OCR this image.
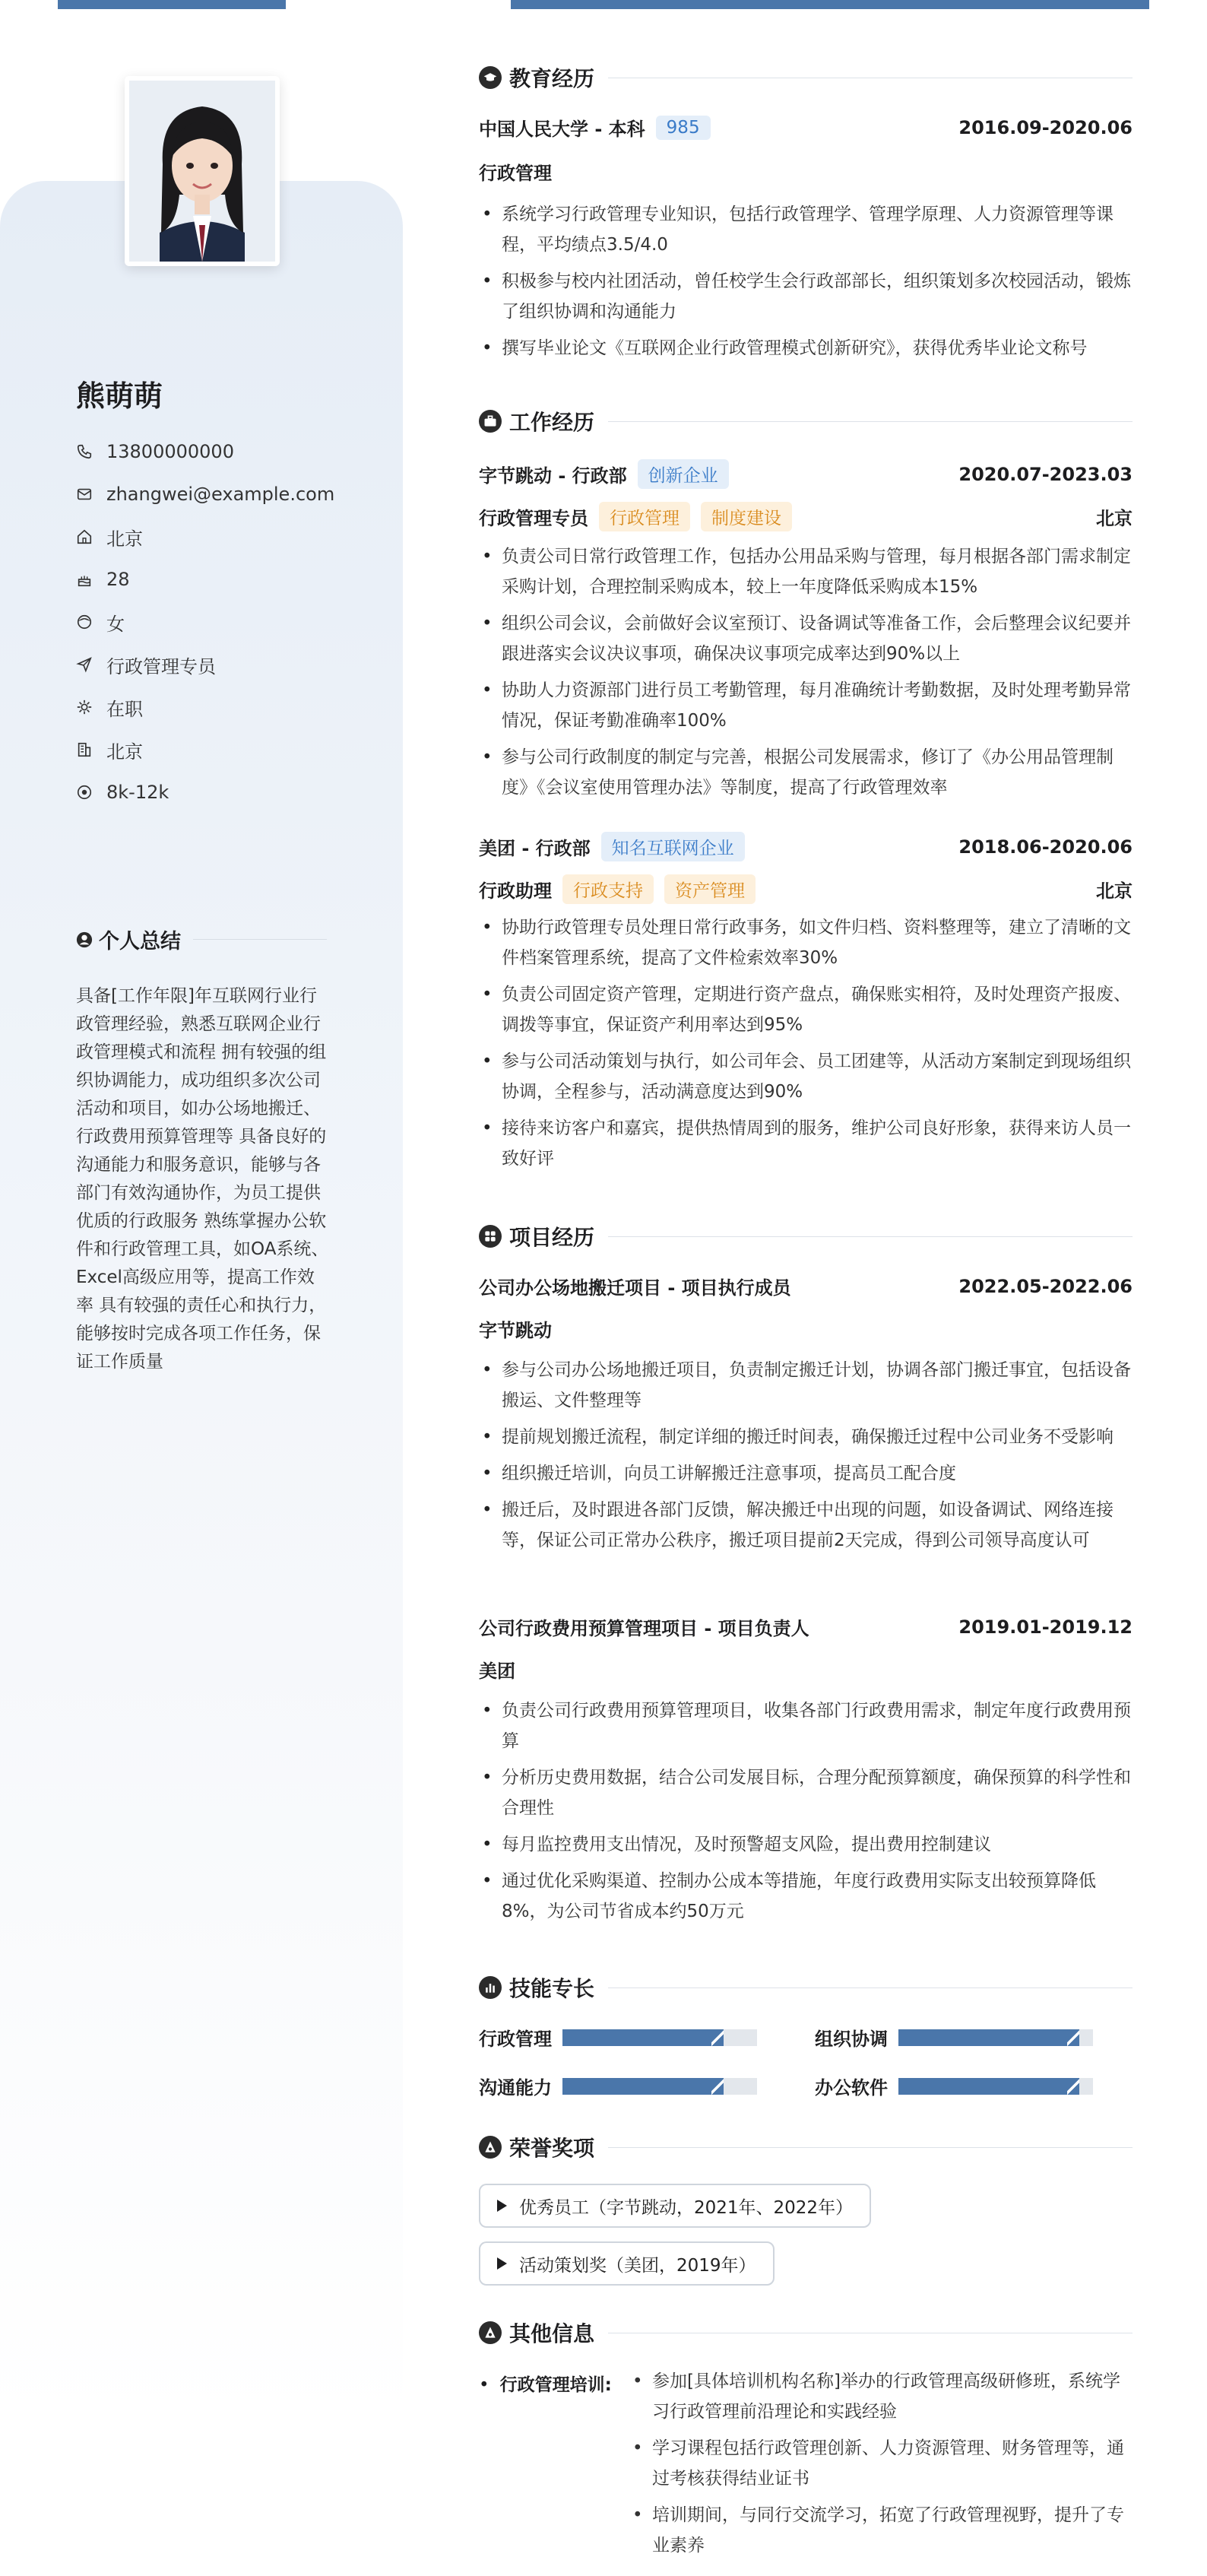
熊萌萌
13800000000
zhangwei@example.com
北京
28
女
行政管理专员
在职
北京
8k-12k
个人总结
具备[工作年限]年互联网行业行政管理经验，熟悉互联网企业行政管理模式和流程 拥有较强的组织协调能力，成功组织多次公司活动和项目，如办公场地搬迁、行政费用预算管理等 具备良好的沟通能力和服务意识，能够与各部门有效沟通协作，为员工提供优质的行政服务 熟练掌握办公软件和行政管理工具，如OA系统、Excel高级应用等，提高工作效率 具有较强的责任心和执行力，能够按时完成各项工作任务，保证工作质量
教育经历
中国人民大学 - 本科	985	2016.09-2020.06
行政管理
• 系统学习行政管理专业知识，包括行政管理学、管理学原理、人力资源管理等课程，平均绩点3.5/4.0
• 积极参与校内社团活动，曾任校学生会行政部部长，组织策划多次校园活动，锻炼了组织协调和沟通能力
• 撰写毕业论文《互联网企业行政管理模式创新研究》，获得优秀毕业论文称号
工作经历
字节跳动 - 行政部	创新企业	2020.07-2023.03
行政管理专员	行政管理	制度建设	北京
• 负责公司日常行政管理工作，包括办公用品采购与管理，每月根据各部门需求制定采购计划，合理控制采购成本，较上一年度降低采购成本15%
• 组织公司会议，会前做好会议室预订、设备调试等准备工作，会后整理会议纪要并跟进落实会议决议事项，确保决议事项完成率达到90%以上
• 协助人力资源部门进行员工考勤管理，每月准确统计考勤数据，及时处理考勤异常情况，保证考勤准确率100%
• 参与公司行政制度的制定与完善，根据公司发展需求，修订了《办公用品管理制度》《会议室使用管理办法》等制度，提高了行政管理效率
美团 - 行政部	知名互联网企业	2018.06-2020.06
行政助理	行政支持	资产管理	北京
• 协助行政管理专员处理日常行政事务，如文件归档、资料整理等，建立了清晰的文件档案管理系统，提高了文件检索效率30%
• 负责公司固定资产管理，定期进行资产盘点，确保账实相符，及时处理资产报废、调拨等事宜，保证资产利用率达到95%
• 参与公司活动策划与执行，如公司年会、员工团建等，从活动方案制定到现场组织协调，全程参与，活动满意度达到90%
• 接待来访客户和嘉宾，提供热情周到的服务，维护公司良好形象，获得来访人员一致好评
项目经历
公司办公场地搬迁项目 - 项目执行成员	2022.05-2022.06
字节跳动
• 参与公司办公场地搬迁项目，负责制定搬迁计划，协调各部门搬迁事宜，包括设备搬运、文件整理等
• 提前规划搬迁流程，制定详细的搬迁时间表，确保搬迁过程中公司业务不受影响
• 组织搬迁培训，向员工讲解搬迁注意事项，提高员工配合度
• 搬迁后，及时跟进各部门反馈，解决搬迁中出现的问题，如设备调试、网络连接等，保证公司正常办公秩序，搬迁项目提前2天完成，得到公司领导高度认可
公司行政费用预算管理项目 - 项目负责人	2019.01-2019.12
美团
• 负责公司行政费用预算管理项目，收集各部门行政费用需求，制定年度行政费用预算
• 分析历史费用数据，结合公司发展目标，合理分配预算额度，确保预算的科学性和合理性
• 每月监控费用支出情况，及时预警超支风险，提出费用控制建议
• 通过优化采购渠道、控制办公成本等措施，年度行政费用实际支出较预算降低8%，为公司节省成本约50万元
技能专长
行政管理	组织协调
沟通能力	办公软件
荣誉奖项
优秀员工（字节跳动，2021年、2022年）
活动策划奖（美团，2019年）
其他信息
• 行政管理培训:
•	参加[具体培训机构名称]举办的行政管理高级研修班，系统学习行政管理前沿理论和实践经验
• 学习课程包括行政管理创新、人力资源管理、财务管理等，通过考核获得结业证书
• 培训期间，与同行交流学习，拓宽了行政管理视野，提升了专业素养
